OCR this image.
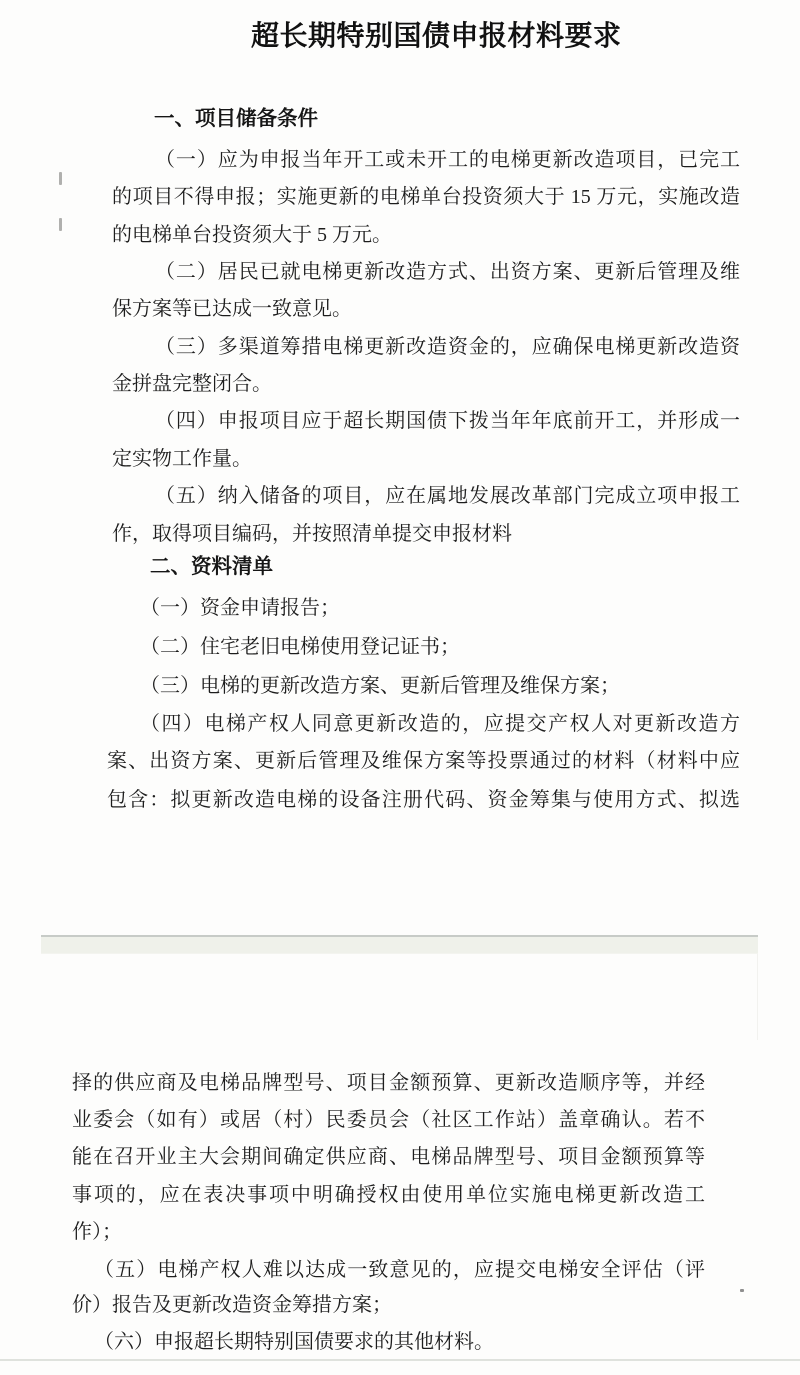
超长期特别国债申报材料要求
一、项目储备条件
（一）应为申报当年开工或未开工的电梯更新改造项目，已完工
的项目不得申报；实施更新的电梯单台投资须大于 15 万元，实施改造
的电梯单台投资须大于 5 万元。
（二）居民已就电梯更新改造方式、出资方案、更新后管理及维
保方案等已达成一致意见。
（三）多渠道筹措电梯更新改造资金的，应确保电梯更新改造资
金拼盘完整闭合。
（四）申报项目应于超长期国债下拨当年年底前开工，并形成一
定实物工作量。
（五）纳入储备的项目，应在属地发展改革部门完成立项申报工
作，取得项目编码，并按照清单提交申报材料
二、资料清单
（一）资金申请报告；
（二）住宅老旧电梯使用登记证书；
（三）电梯的更新改造方案、更新后管理及维保方案；
（四）电梯产权人同意更新改造的，应提交产权人对更新改造方
案、出资方案、更新后管理及维保方案等投票通过的材料（材料中应
包含：拟更新改造电梯的设备注册代码、资金筹集与使用方式、拟选
择的供应商及电梯品牌型号、项目金额预算、更新改造顺序等，并经
业委会（如有）或居（村）民委员会（社区工作站）盖章确认。若不
能在召开业主大会期间确定供应商、电梯品牌型号、项目金额预算等
事项的，应在表决事项中明确授权由使用单位实施电梯更新改造工
作）；
（五）电梯产权人难以达成一致意见的，应提交电梯安全评估（评
价）报告及更新改造资金筹措方案；
（六）申报超长期特别国债要求的其他材料。
